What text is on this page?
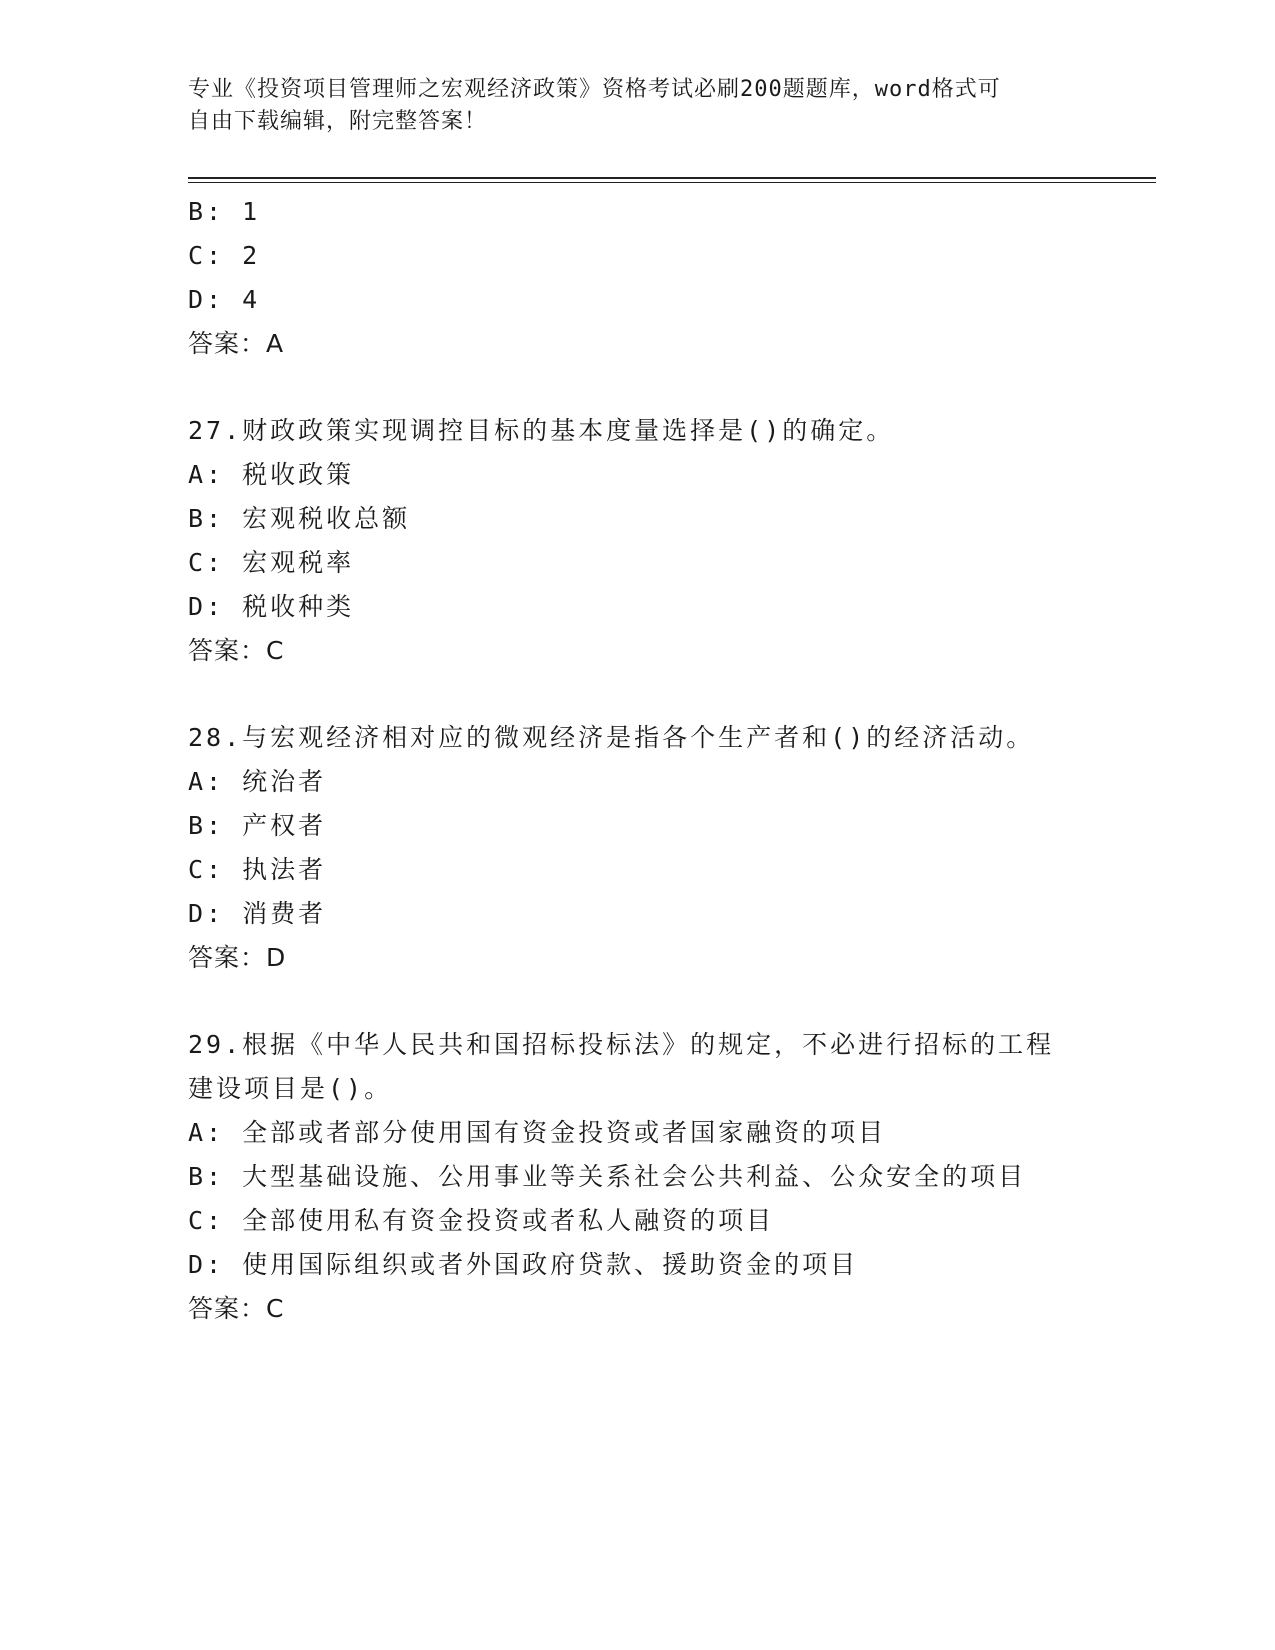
专业《投资项目管理师之宏观经济政策》资格考试必刷200题题库，word格式可
自由下载编辑，附完整答案！
B: 1
C: 2
D: 4
答案：A
27.财政政策实现调控目标的基本度量选择是()的确定。
A: 税收政策
B: 宏观税收总额
C: 宏观税率
D: 税收种类
答案：C
28.与宏观经济相对应的微观经济是指各个生产者和()的经济活动。
A: 统治者
B: 产权者
C: 执法者
D: 消费者
答案：D
29.根据《中华人民共和国招标投标法》的规定，不必进行招标的工程
建设项目是()。
A: 全部或者部分使用国有资金投资或者国家融资的项目
B: 大型基础设施、公用事业等关系社会公共利益、公众安全的项目
C: 全部使用私有资金投资或者私人融资的项目
D: 使用国际组织或者外国政府贷款、援助资金的项目
答案：C
